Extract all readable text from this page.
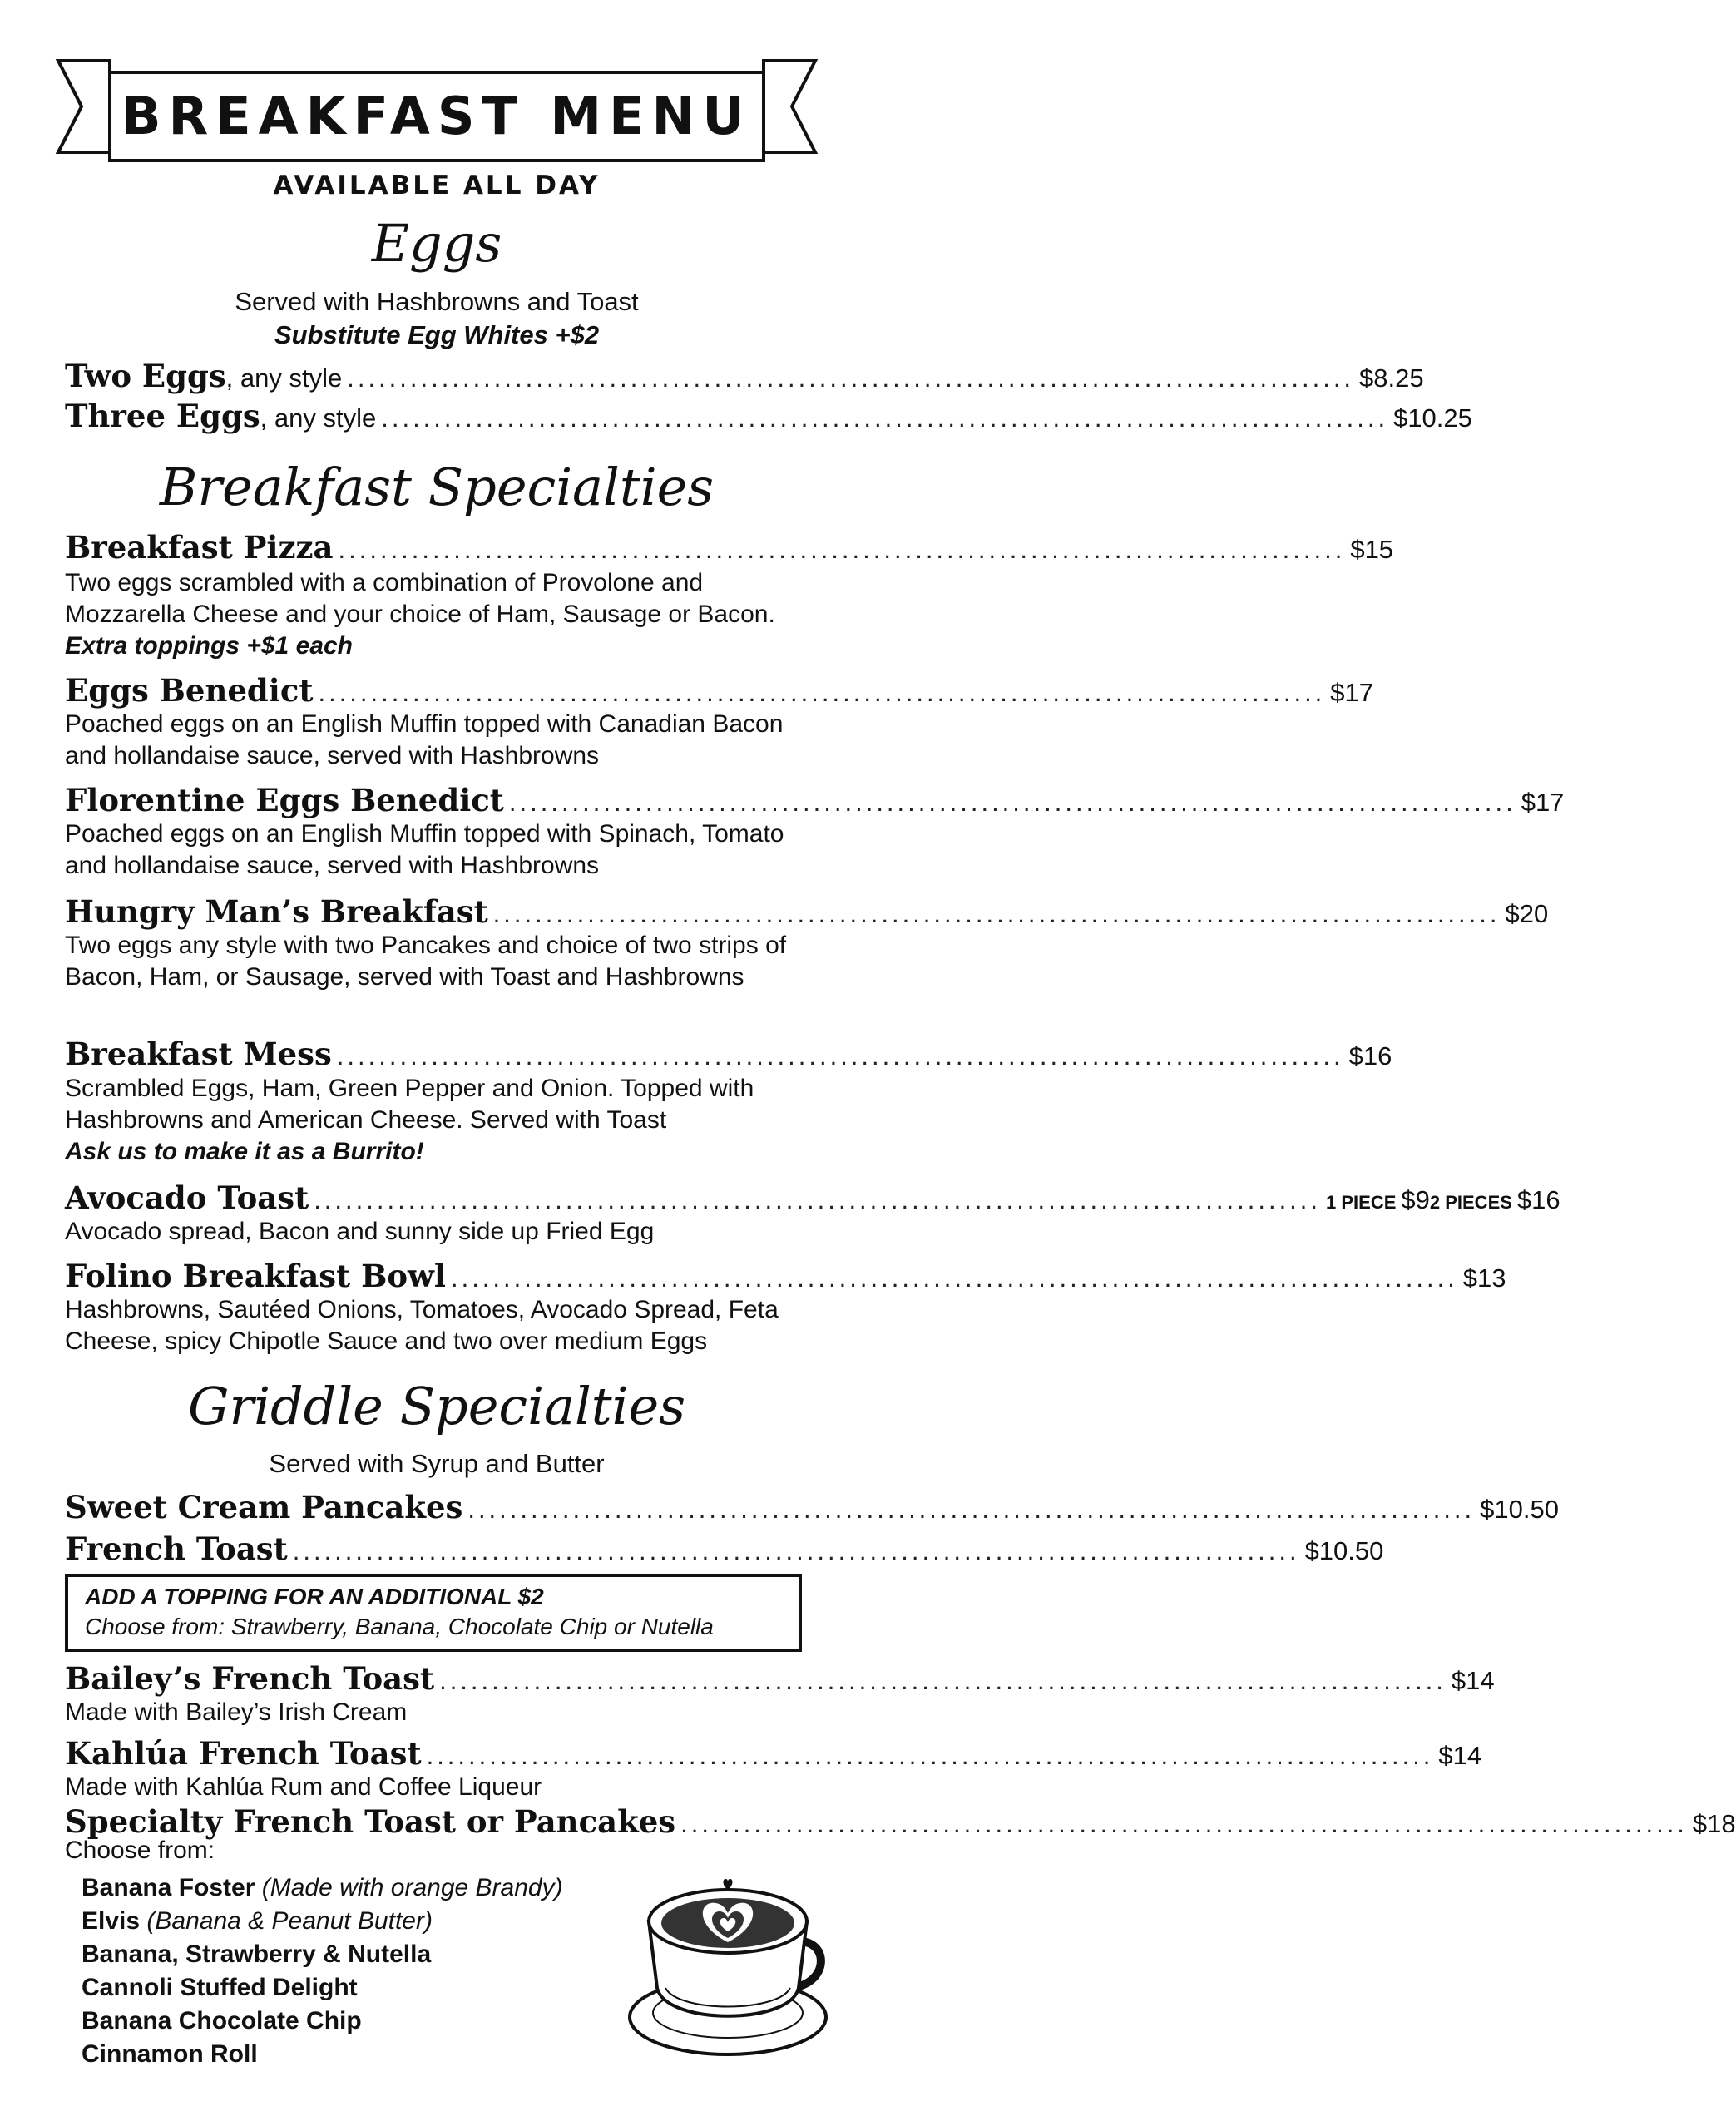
BREAKFAST MENU
AVAILABLE ALL DAY
Eggs
Served with Hashbrowns and Toast
Substitute Egg Whites +$2
Two Eggs , any style ................................................................................................ $8.25
Three Eggs , any style ................................................................................................ $10.25
Breakfast Specialties
Breakfast Pizza ................................................................................................ $15
Two eggs scrambled with a combination of Provolone and Mozzarella Cheese and your choice of Ham, Sausage or Bacon. Extra toppings +$1 each
Eggs Benedict ................................................................................................ $17
Poached eggs on an English Muffin topped with Canadian Bacon and hollandaise sauce, served with Hashbrowns
Florentine Eggs Benedict ................................................................................................ $17
Poached eggs on an English Muffin topped with Spinach, Tomato and hollandaise sauce, served with Hashbrowns
Hungry Man’s Breakfast ................................................................................................ $20
Two eggs any style with two Pancakes and choice of two strips of Bacon, Ham, or Sausage, served with Toast and Hashbrowns
Breakfast Mess ................................................................................................ $16
Scrambled Eggs, Ham, Green Pepper and Onion. Topped with Hashbrowns and American Cheese. Served with Toast
Ask us to make it as a Burrito!
Avocado Toast ................................................................................................ 1 PIECE $9 2 PIECES $16
Avocado spread, Bacon and sunny side up Fried Egg
Folino Breakfast Bowl ................................................................................................ $13
Hashbrowns, Sautéed Onions, Tomatoes, Avocado Spread, Feta Cheese, spicy Chipotle Sauce and two over medium Eggs
Griddle Specialties
Served with Syrup and Butter
Sweet Cream Pancakes ................................................................................................ $10.50
French Toast ................................................................................................ $10.50
ADD A TOPPING FOR AN ADDITIONAL $2
Choose from: Strawberry, Banana, Chocolate Chip or Nutella
Bailey’s French Toast ................................................................................................ $14
Made with Bailey’s Irish Cream
Kahlúa French Toast ................................................................................................ $14
Made with Kahlúa Rum and Coffee Liqueur
Specialty French Toast or Pancakes ................................................................................................ $18
Choose from:
Banana Foster (Made with orange Brandy)
Elvis (Banana & Peanut Butter)
Banana, Strawberry & Nutella
Cannoli Stuffed Delight
Banana Chocolate Chip
Cinnamon Roll
